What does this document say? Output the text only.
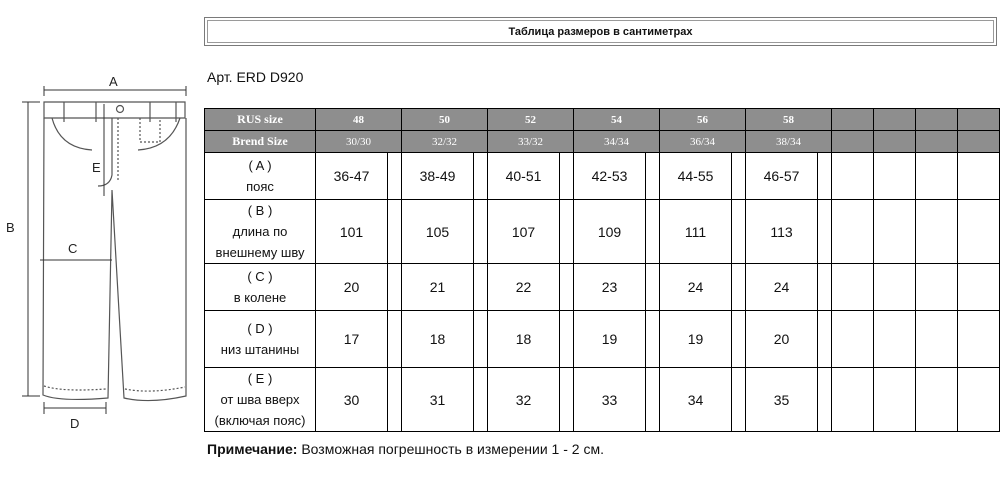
Таблица размеров в сантиметрах
Арт. ERD D920
A
B
C
D
E
RUS size	48		50		52		54		56		58					
Brend Size	30/30		32/32		33/32		34/34		36/34		38/34					

( A )
пояс	36-47		38-49		40-51		42-53		44-55		46-57					

( B )
длина по
внешнему шву	101		105		107		109		111		113					

( C )
в колене	20		21		22		23		24		24					

( D )
низ штанины	17		18		18		19		19		20					

( E )
от шва вверх
(включая пояс)	30		31		32		33		34		35					
Примечание: Возможная погрешность в измерении 1 - 2 см.
